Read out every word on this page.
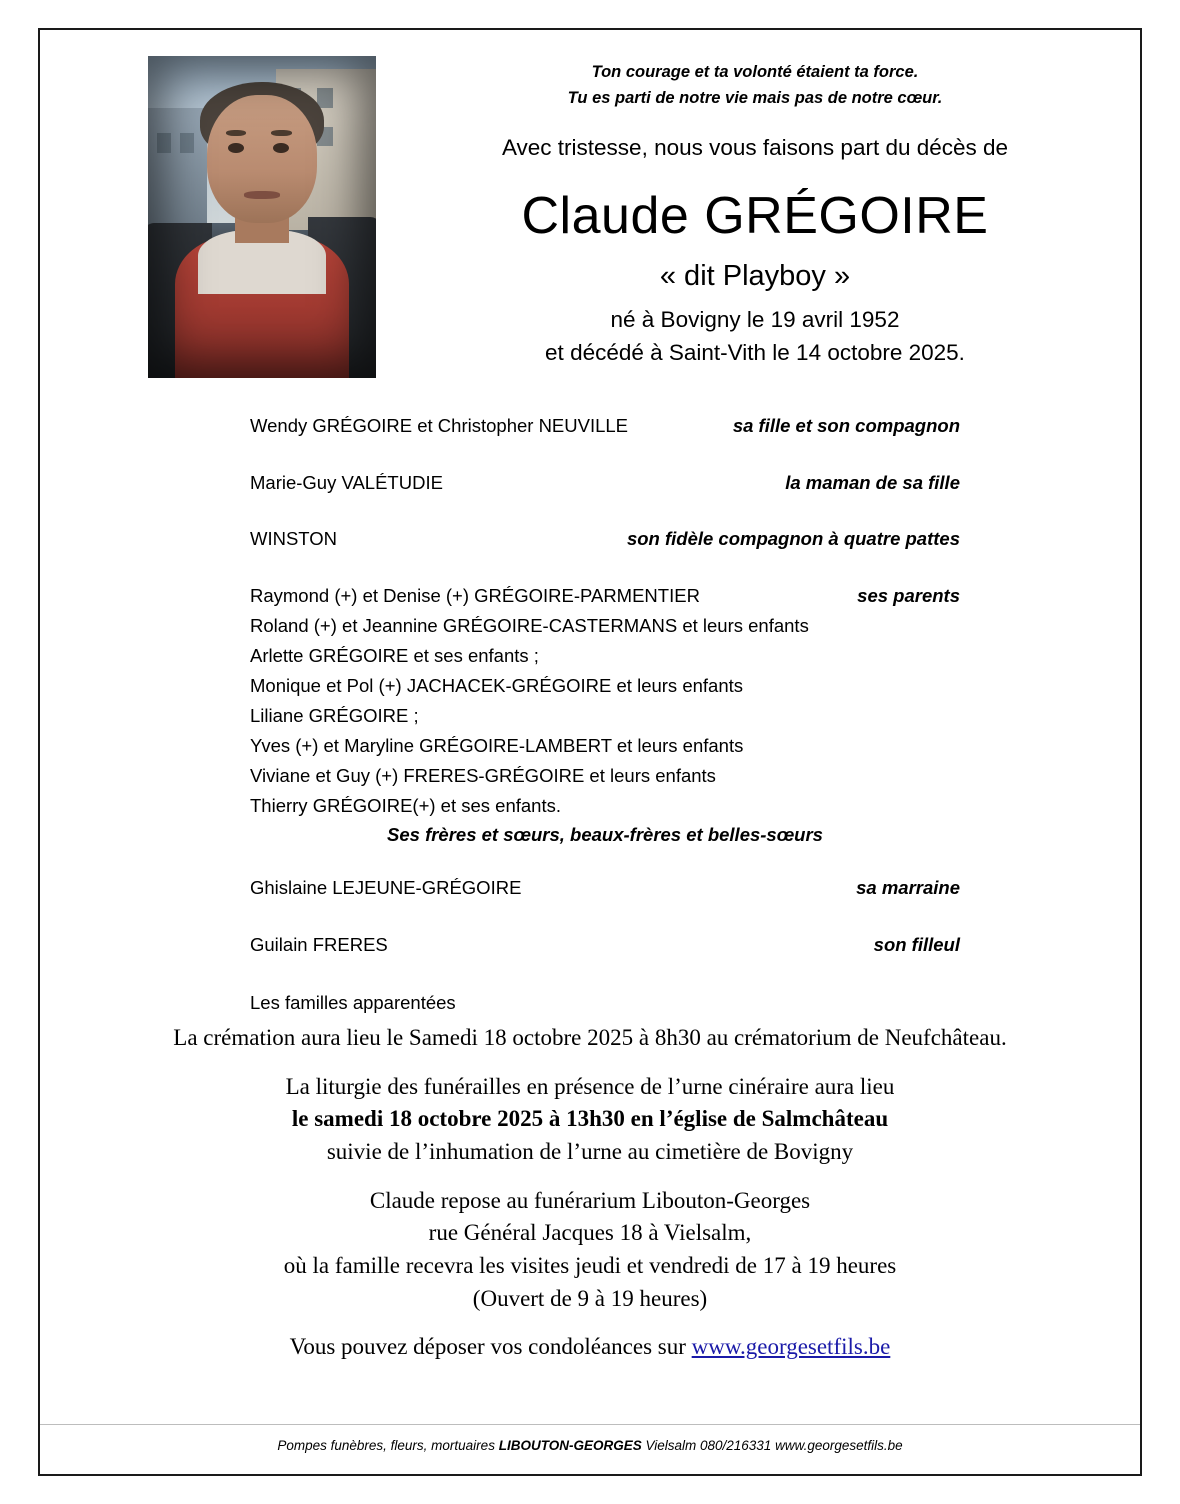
Ton courage et ta volonté étaient ta force.
Tu es parti de notre vie mais pas de notre cœur.
Avec tristesse, nous vous faisons part du décès de
Claude GRÉGOIRE
« dit Playboy »
né à Bovigny le 19 avril 1952
et décédé à Saint-Vith le 14 octobre 2025.
Wendy GRÉGOIRE et Christopher NEUVILLE	sa fille et son compagnon
Marie-Guy VALÉTUDIE	la maman de sa fille
WINSTON	son fidèle compagnon à quatre pattes
Raymond (+) et Denise (+) GRÉGOIRE-PARMENTIER	ses parents
Roland (+) et Jeannine GRÉGOIRE-CASTERMANS et leurs enfants
Arlette GRÉGOIRE et ses enfants ;
Monique et Pol (+) JACHACEK-GRÉGOIRE et leurs enfants
Liliane GRÉGOIRE ;
Yves (+) et Maryline GRÉGOIRE-LAMBERT et leurs enfants
Viviane et Guy (+) FRERES-GRÉGOIRE et leurs enfants
Thierry GRÉGOIRE(+) et ses enfants.
Ses frères et sœurs, beaux-frères et belles-sœurs
Ghislaine LEJEUNE-GRÉGOIRE	sa marraine
Guilain FRERES	son filleul
Les familles apparentées
La crémation aura lieu le Samedi 18 octobre 2025 à 8h30 au crématorium de Neufchâteau.
La liturgie des funérailles en présence de l’urne cinéraire aura lieu
le samedi 18 octobre 2025 à 13h30 en l’église de Salmchâteau
suivie de l’inhumation de l’urne au cimetière de Bovigny
Claude repose au funérarium Libouton-Georges
rue Général Jacques 18 à Vielsalm,
où la famille recevra les visites jeudi et vendredi de 17 à 19 heures
(Ouvert de 9 à 19 heures)
Vous pouvez déposer vos condoléances sur www.georgesetfils.be
Pompes funèbres, fleurs, mortuaires LIBOUTON-GEORGES Vielsalm 080/216331 www.georgesetfils.be
